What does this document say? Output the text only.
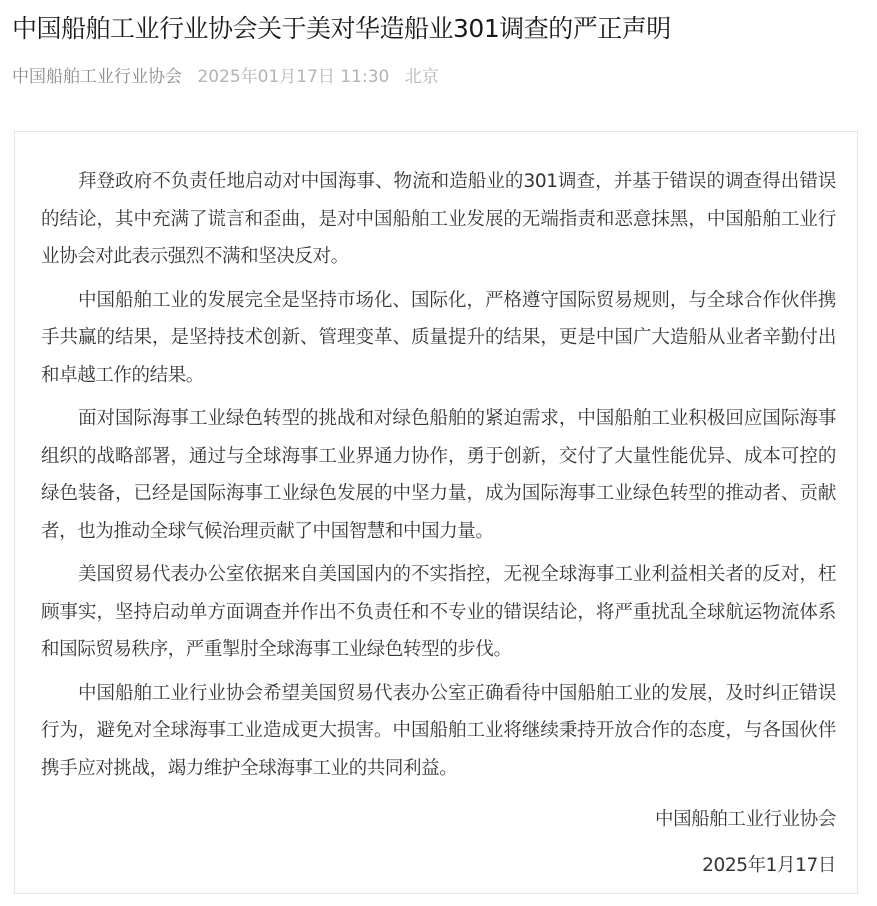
中国船舶工业行业协会关于美对华造船业301调查的严正声明
中国船舶工业行业协会 2025年01月17日 11:30 北京

拜登政府不负责任地启动对中国海事、物流和造船业的301调查，并基于错误的调查得出错误的结论，其中充满了谎言和歪曲，是对中国船舶工业发展的无端指责和恶意抹黑，中国船舶工业行业协会对此表示强烈不满和坚决反对。

中国船舶工业的发展完全是坚持市场化、国际化，严格遵守国际贸易规则，与全球合作伙伴携手共赢的结果，是坚持技术创新、管理变革、质量提升的结果，更是中国广大造船从业者辛勤付出和卓越工作的结果。

面对国际海事工业绿色转型的挑战和对绿色船舶的紧迫需求，中国船舶工业积极回应国际海事组织的战略部署，通过与全球海事工业界通力协作，勇于创新，交付了大量性能优异、成本可控的绿色装备，已经是国际海事工业绿色发展的中坚力量，成为国际海事工业绿色转型的推动者、贡献者，也为推动全球气候治理贡献了中国智慧和中国力量。

美国贸易代表办公室依据来自美国国内的不实指控，无视全球海事工业利益相关者的反对，枉顾事实，坚持启动单方面调查并作出不负责任和不专业的错误结论，将严重扰乱全球航运物流体系和国际贸易秩序，严重掣肘全球海事工业绿色转型的步伐。

中国船舶工业行业协会希望美国贸易代表办公室正确看待中国船舶工业的发展，及时纠正错误行为，避免对全球海事工业造成更大损害。中国船舶工业将继续秉持开放合作的态度，与各国伙伴携手应对挑战，竭力维护全球海事工业的共同利益。

中国船舶工业行业协会

2025年1月17日
